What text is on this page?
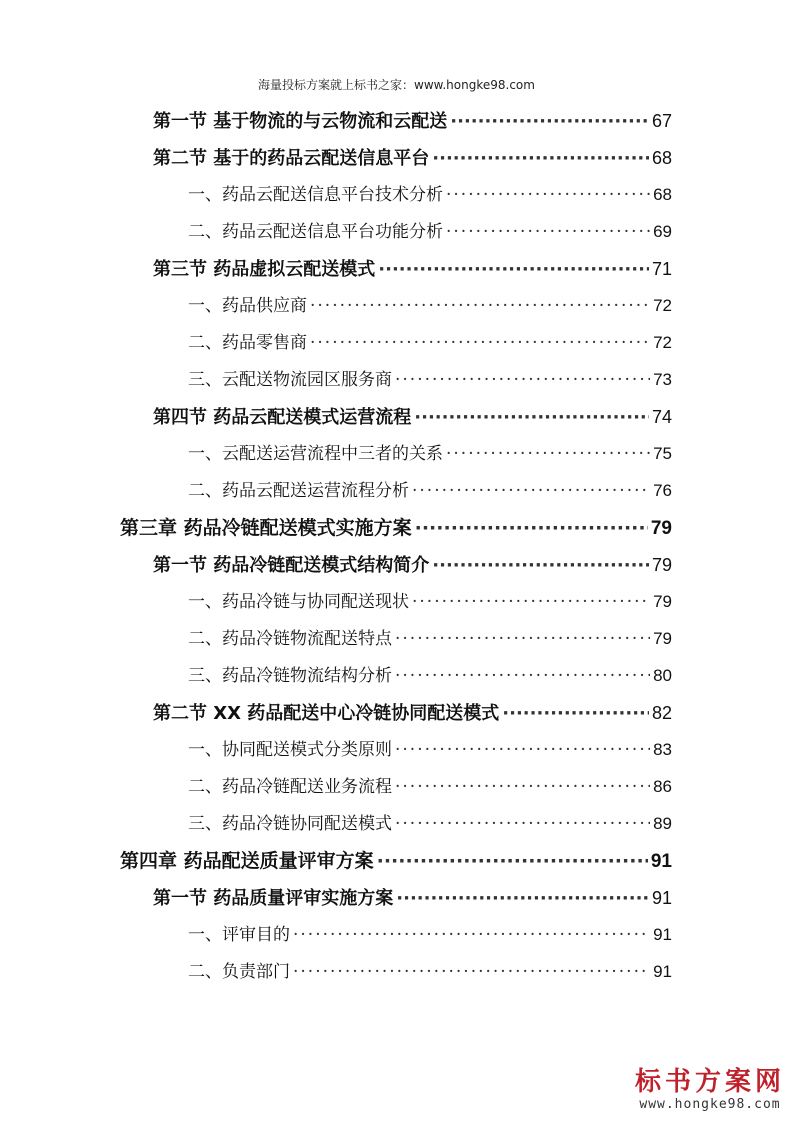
海量投标方案就上标书之家：www.hongke98.com
第一节 基于物流的与云物流和云配送 ·····	67
第二节 基于的药品云配送信息平台 ·····	68
一、药品云配送信息平台技术分析 ·····	68
二、药品云配送信息平台功能分析 ·····	69
第三节 药品虚拟云配送模式 ·····	71
一、药品供应商 ·····	72
二、药品零售商 ·····	72
三、云配送物流园区服务商 ·····	73
第四节 药品云配送模式运营流程 ·····	74
一、云配送运营流程中三者的关系 ·····	75
二、药品云配送运营流程分析 ·····	76
第三章 药品冷链配送模式实施方案 ·····	79
第一节 药品冷链配送模式结构简介 ·····	79
一、药品冷链与协同配送现状 ·····	79
二、药品冷链物流配送特点 ·····	79
三、药品冷链物流结构分析 ·····	80
第二节 XX 药品配送中心冷链协同配送模式 ·····	82
一、协同配送模式分类原则 ·····	83
二、药品冷链配送业务流程 ·····	86
三、药品冷链协同配送模式 ·····	89
第四章 药品配送质量评审方案 ·····	91
第一节 药品质量评审实施方案 ·····	91
一、评审目的 ·····	91
二、负责部门 ·····	91
标书方案网
www.hongke98.com
